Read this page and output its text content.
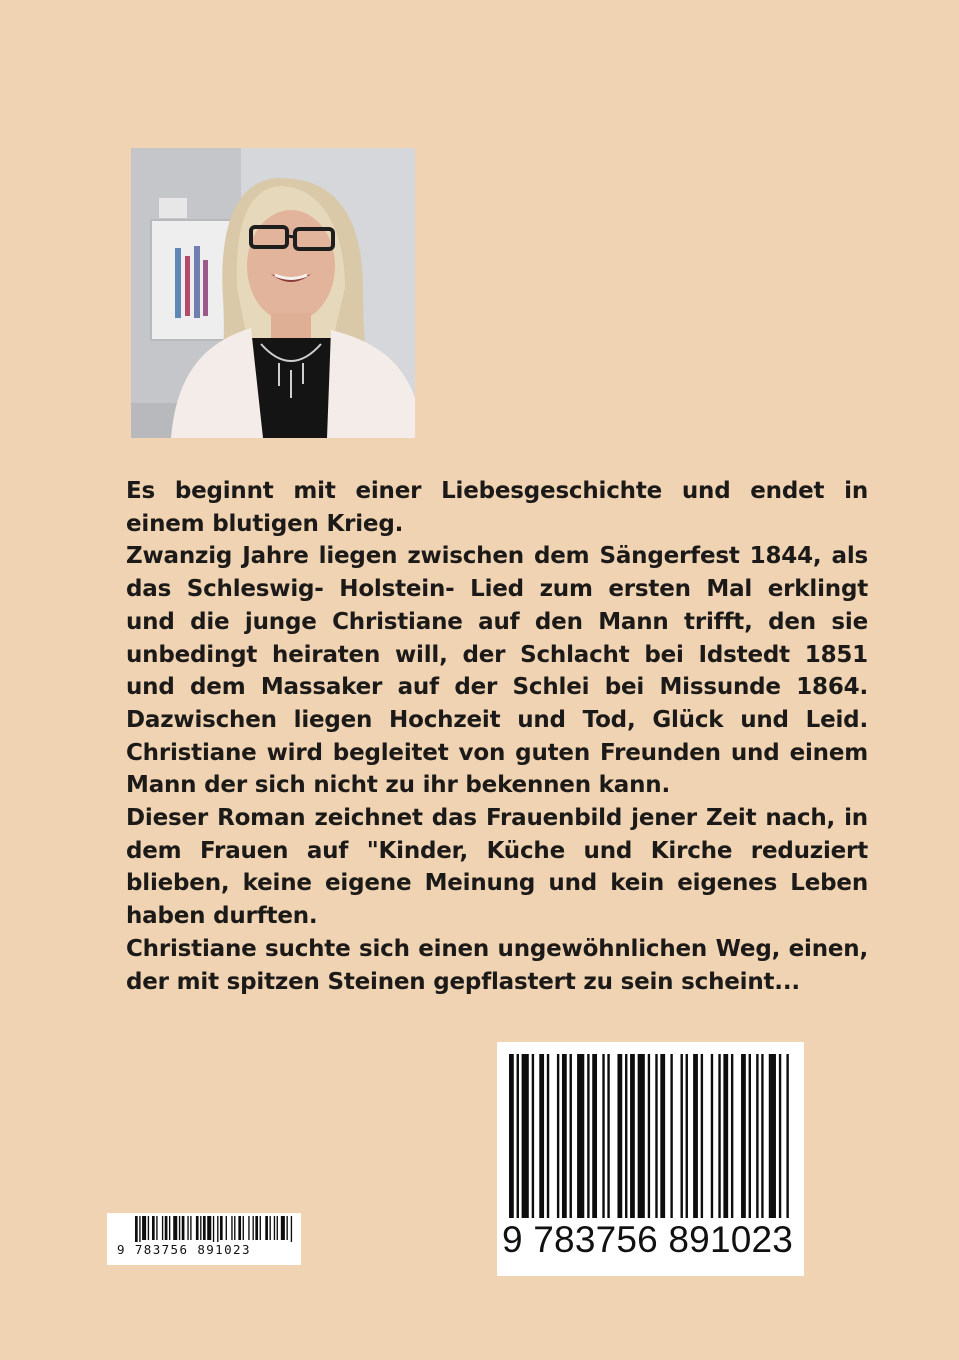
Es beginnt mit einer Liebesgeschichte und endet in einem blutigen Krieg.

Zwanzig Jahre liegen zwischen dem Sängerfest 1844, als das Schleswig- Holstein- Lied zum ersten Mal erklingt und die junge Christiane auf den Mann trifft, den sie unbedingt heiraten will, der Schlacht bei Idstedt 1851 und dem Massaker auf der Schlei bei Missunde 1864. Dazwischen liegen Hochzeit und Tod, Glück und Leid. Christiane wird begleitet von guten Freunden und einem Mann der sich nicht zu ihr bekennen kann.

Dieser Roman zeichnet das Frauenbild jener Zeit nach, in dem Frauen auf "Kinder, Küche und Kirche reduziert blieben, keine eigene Meinung und kein eigenes Leben haben durften.

Christiane suchte sich einen ungewöhnlichen Weg, einen, der mit spitzen Steinen gepflastert zu sein scheint...

9 783756 891023	9 783756 891023
